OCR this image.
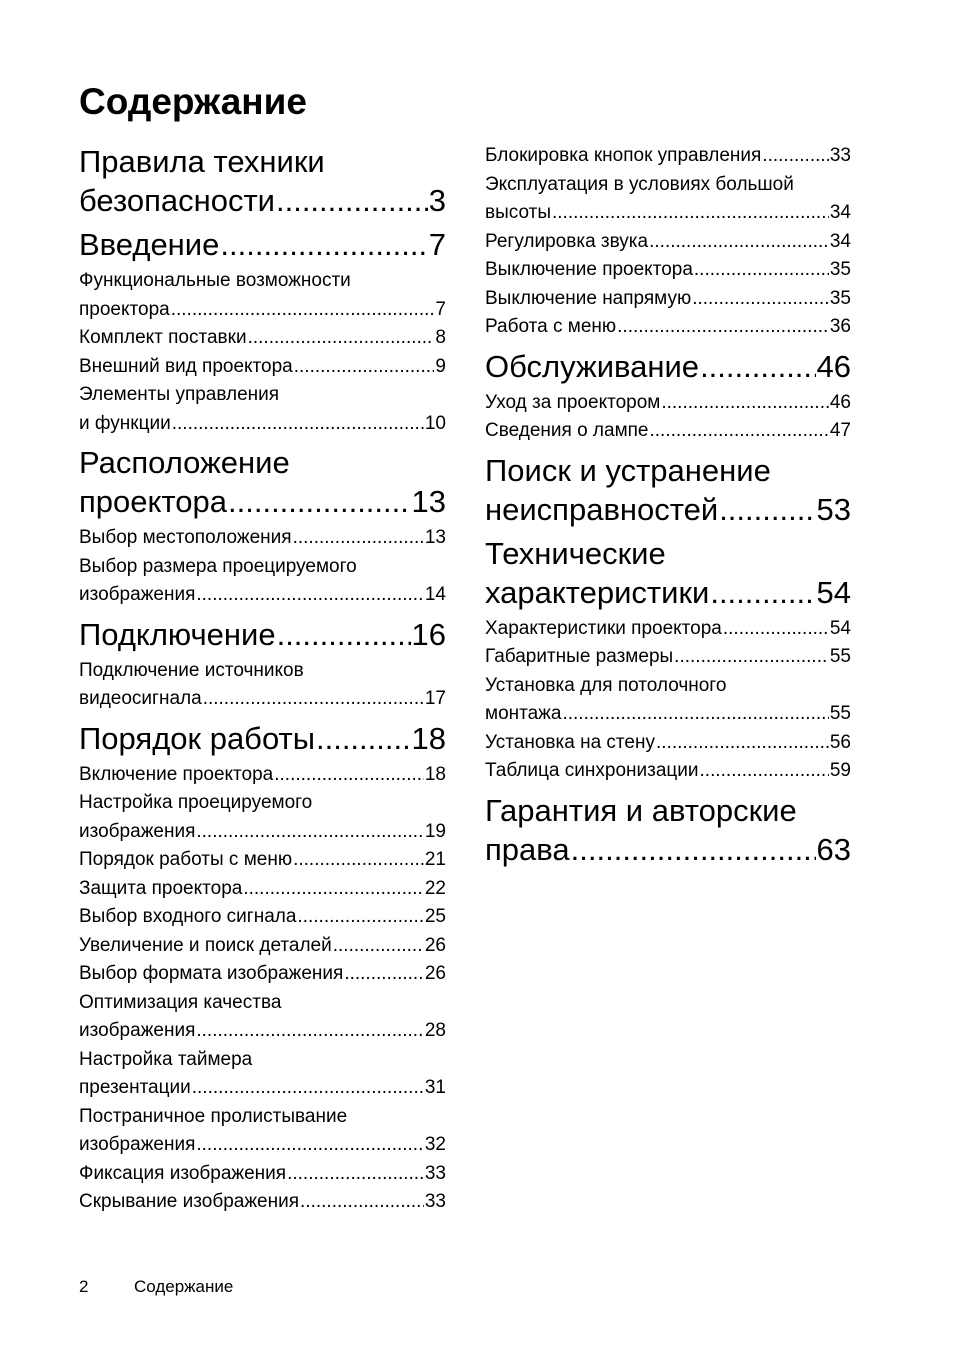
Содержание
Правила техники
безопасности .....	3
Введение .....	7
Функциональные возможности
проектора .....	7
Комплект поставки .....	8
Внешний вид проектора .....	9
Элементы управления
и функции .....	10
Расположение
проектора .....	13
Выбор местоположения .....	13
Выбор размера проецируемого
изображения .....	14
Подключение .....	16
Подключение источников
видеосигнала .....	17
Порядок работы .....	18
Включение проектора .....	18
Настройка проецируемого
изображения .....	19
Порядок работы с меню .....	21
Защита проектора .....	22
Выбор входного сигнала .....	25
Увеличение и поиск деталей .....	26
Выбор формата изображения .....	26
Оптимизация качества
изображения .....	28
Настройка таймера
презентации .....	31
Постраничное пролистывание
изображения .....	32
Фиксация изображения .....	33
Скрывание изображения .....	33
Блокировка кнопок управления .....	33
Эксплуатация в условиях большой
высоты .....	34
Регулировка звука .....	34
Выключение проектора .....	35
Выключение напрямую .....	35
Работа с меню .....	36
Обслуживание .....	46
Уход за проектором .....	46
Сведения о лампе .....	47
Поиск и устранение
неисправностей .....	53
Технические
характеристики .....	54
Характеристики проектора .....	54
Габаритные размеры .....	55
Установка для потолочного
монтажа .....	55
Установка на стену .....	56
Таблица синхронизации .....	59
Гарантия и авторские
права .....	63
2	Содержание
